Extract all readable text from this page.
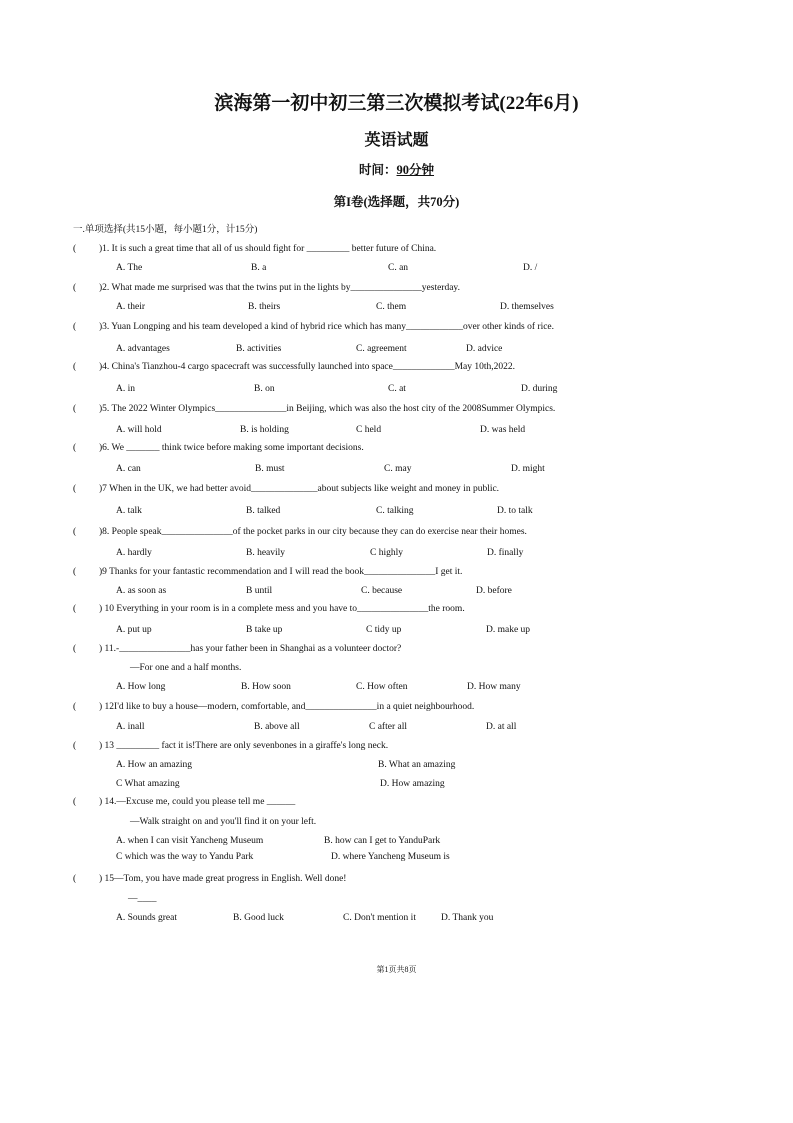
滨海第一初中初三第三次模拟考试(22年6月)
英语试题
时间：90分钟
第I卷(选择题，共70分)
一.单项选择(共15小题，每小题1分，计15分)
( )1. It is such a great time that all of us should fight for _________ better future of China.
A. The	B. a	C. an	D. /
( )2. What made me surprised was that the twins put in the lights by_______________yesterday.
A. their	B. theirs	C. them	D. themselves
( )3. Yuan Longping and his team developed a kind of hybrid rice which has many____________over other kinds of rice.
A. advantages	B. activities	C. agreement	D. advice
( )4. China's Tianzhou-4 cargo spacecraft was successfully launched into space_____________May 10th,2022.
A. in	B. on	C. at	D. during
( )5. The 2022 Winter Olympics_______________in Beijing, which was also the host city of the 2008Summer Olympics.
A. will hold	B. is holding	C held	D. was held
( )6. We _______ think twice before making some important decisions.
A. can	B. must	C. may	D. might
( )7 When in the UK, we had better avoid______________about subjects like weight and money in public.
A. talk	B. talked	C. talking	D. to talk
( )8. People speak_______________of the pocket parks in our city because they can do exercise near their homes.
A. hardly	B. heavily	C highly	D. finally
( )9 Thanks for your fantastic recommendation and I will read the book_______________I get it.
A. as soon as	B until	C. because	D. before
( ) 10 Everything in your room is in a complete mess and you have to_______________the room.
A. put up	B take up	C tidy up	D. make up
( ) 11.-_______________has your father been in Shanghai as a volunteer doctor?
—For one and a half months.
A. How long	B. How soon	C. How often	D. How many
( ) 12I'd like to buy a house—modern, comfortable, and_______________in a quiet neighbourhood.
A. inall	B. above all	C after all	D. at all
( ) 13 _________ fact it is!There are only sevenbones in a giraffe's long neck.
A. How an amazing	B. What an amazing
C What amazing	D. How amazing
( ) 14.—Excuse me, could you please tell me ______
—Walk straight on and you'll find it on your left.
A. when I can visit Yancheng Museum	B. how can I get to YanduPark
C which was the way to Yandu Park	D. where Yancheng Museum is
( ) 15—Tom, you have made great progress in English. Well done!
—____
A. Sounds great	B. Good luck	C. Don't mention it	D. Thank you
第1页共8页
